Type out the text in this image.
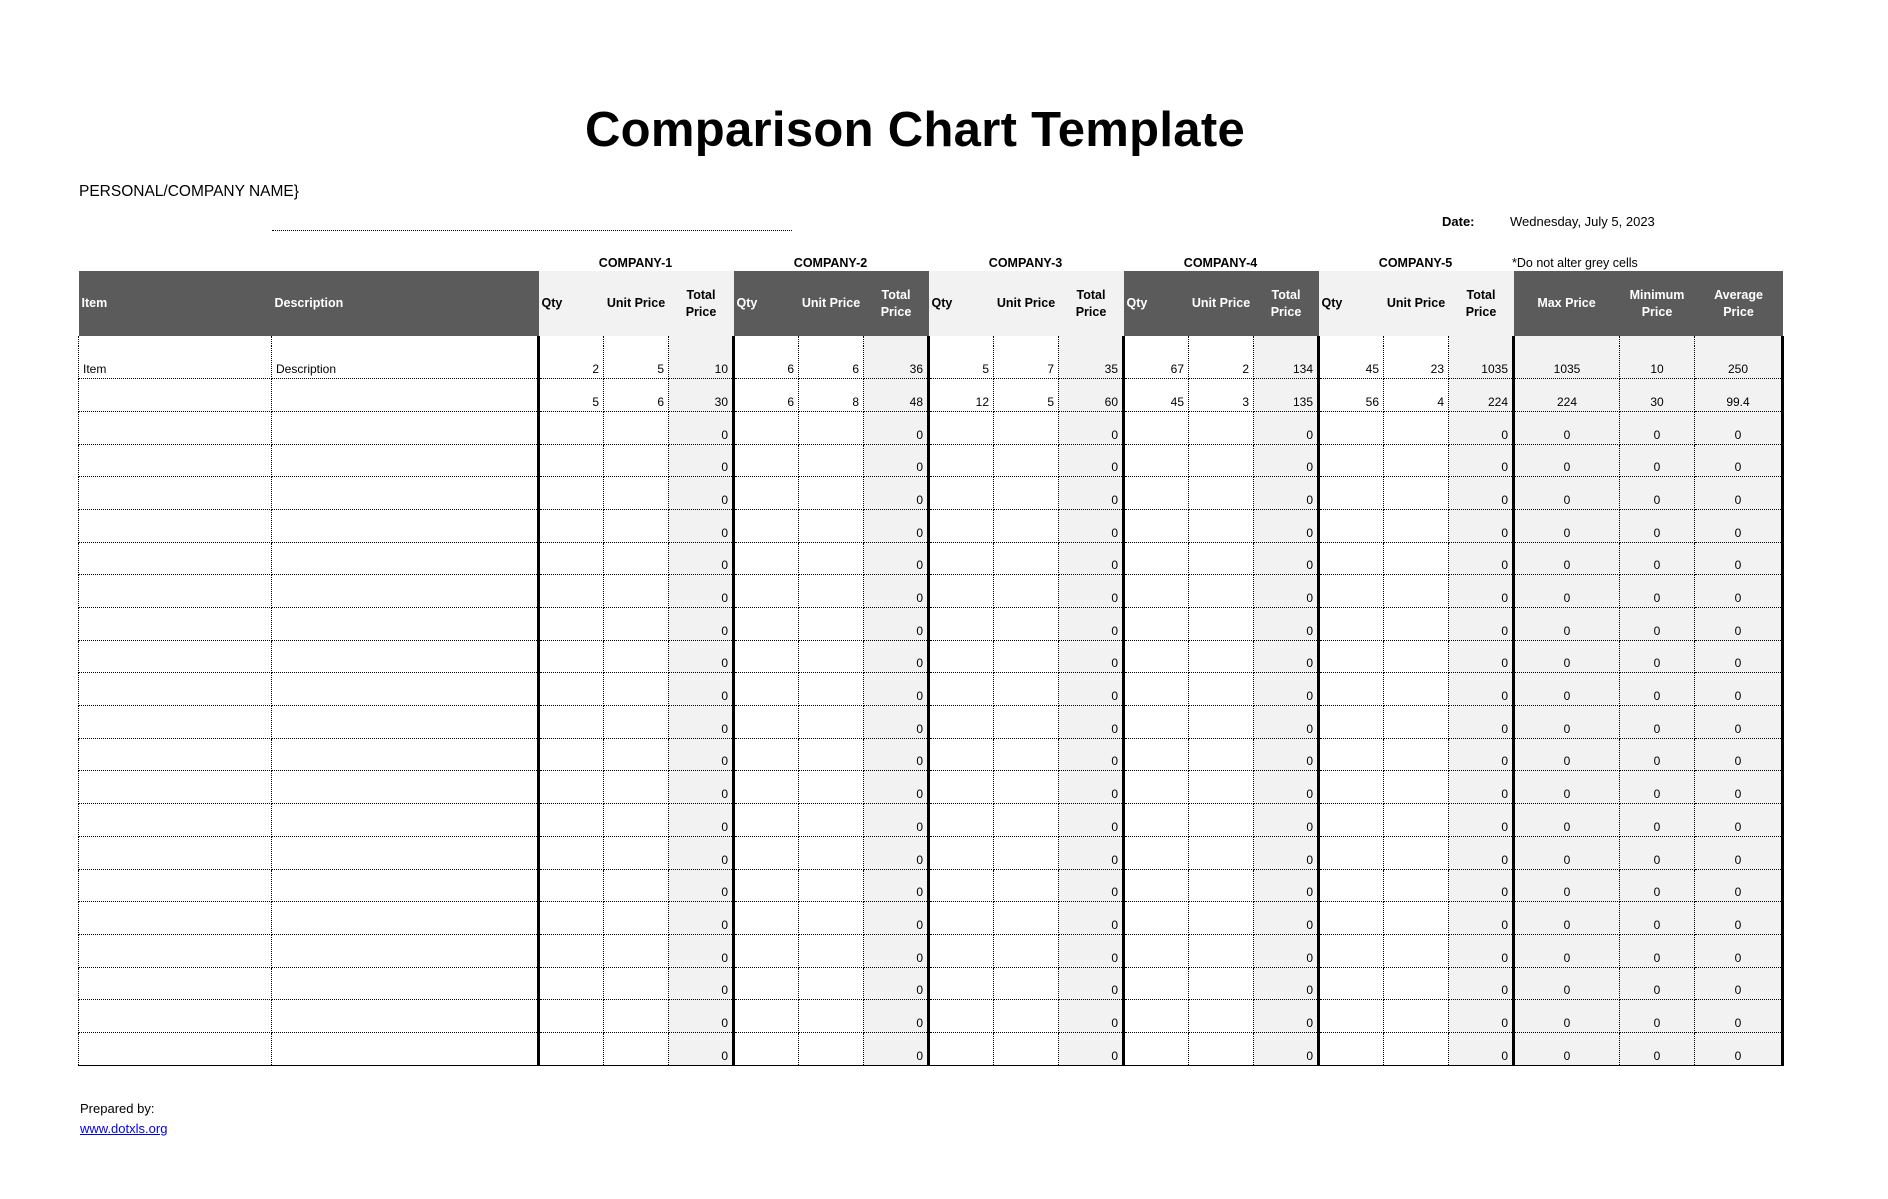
Comparison Chart Template
PERSONAL/COMPANY NAME}
Date:	Wednesday, July 5, 2023
COMPANY-1	COMPANY-2	COMPANY-3	COMPANY-4	COMPANY-5	*Do not alter grey cells
Item	Description	Qty	Unit Price	Total Price	Qty	Unit Price	Total Price	Qty	Unit Price	Total Price	Qty	Unit Price	Total Price	Qty	Unit Price	Total Price	Max Price	Minimum Price	Average Price

Item	Description	2	5	10	6	6	36	5	7	35	67	2	134	45	23	1035	1035	10	250
		5	6	30	6	8	48	12	5	60	45	3	135	56	4	224	224	30	99.4
				0			0			0			0			0	0	0	0
				0			0			0			0			0	0	0	0
				0			0			0			0			0	0	0	0
				0			0			0			0			0	0	0	0
				0			0			0			0			0	0	0	0
				0			0			0			0			0	0	0	0
				0			0			0			0			0	0	0	0
				0			0			0			0			0	0	0	0
				0			0			0			0			0	0	0	0
				0			0			0			0			0	0	0	0
				0			0			0			0			0	0	0	0
				0			0			0			0			0	0	0	0
				0			0			0			0			0	0	0	0
				0			0			0			0			0	0	0	0
				0			0			0			0			0	0	0	0
				0			0			0			0			0	0	0	0
				0			0			0			0			0	0	0	0
				0			0			0			0			0	0	0	0
				0			0			0			0			0	0	0	0
				0			0			0			0			0	0	0	0
Prepared by:
www.dotxls.org
